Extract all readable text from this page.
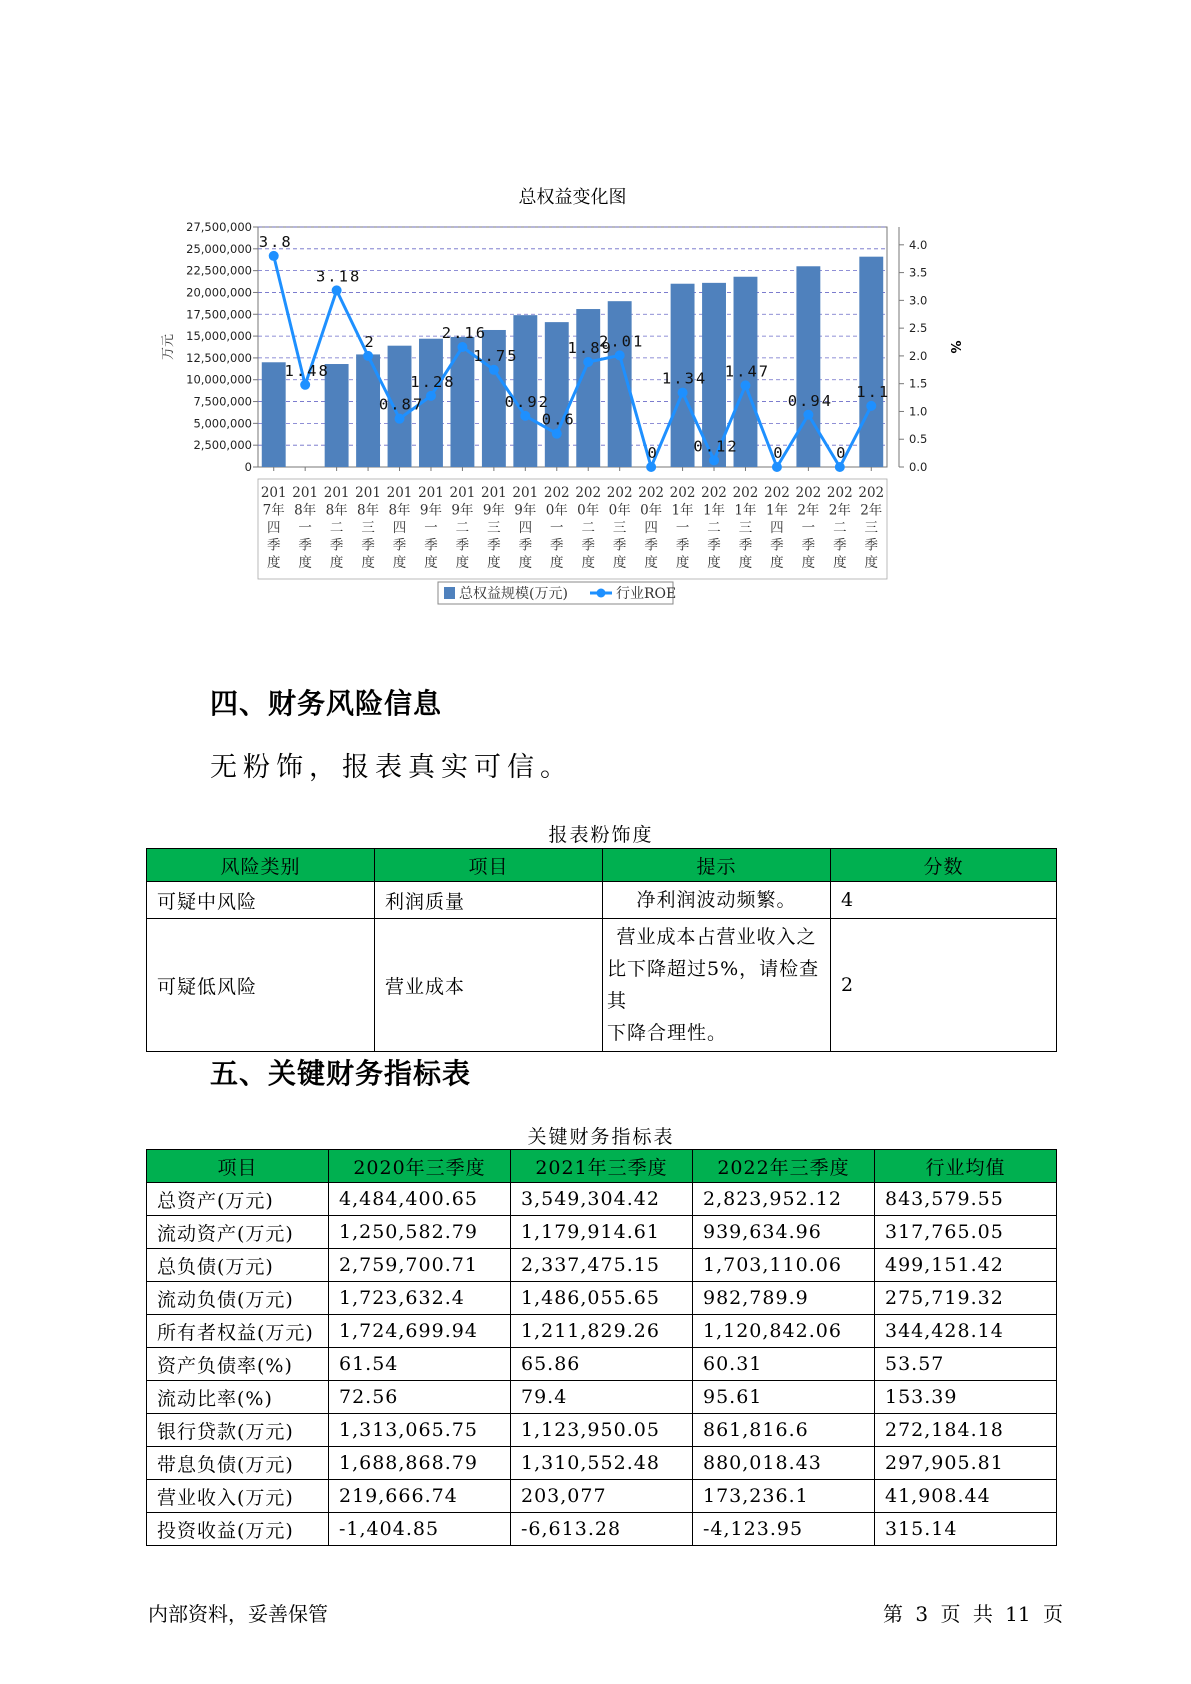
总权益变化图
0
2,500,000
5,000,000
7,500,000
10,000,000
12,500,000
15,000,000
17,500,000
20,000,000
22,500,000
25,000,000
27,500,000
万元
0.0
0.5
1.0
1.5
2.0
2.5
3.0
3.5
4.0
%
201
7年
四
季
度
201
8年
一
季
度
201
8年
二
季
度
201
8年
三
季
度
201
8年
四
季
度
201
9年
一
季
度
201
9年
二
季
度
201
9年
三
季
度
201
9年
四
季
度
202
0年
一
季
度
202
0年
二
季
度
202
0年
三
季
度
202
0年
四
季
度
202
1年
一
季
度
202
1年
二
季
度
202
1年
三
季
度
202
1年
四
季
度
202
2年
一
季
度
202
2年
二
季
度
202
2年
三
季
度
3.8
1.48
3.18
2
0.87
1.28
2.16
1.75
0.92
0.6
1.89
2.01
0
1.34
0.12
1.47
0
0.94
0
1.1
总权益规模(万元)	行业ROE
四、财务风险信息
无粉饰，报表真实可信。
报表粉饰度
风险类别	项目	提示	分数
可疑中风险	利润质量	净利润波动频繁。	4
可疑低风险	营业成本	营业成本占营业收入之
比下降超过5%，请检查其
下降合理性。	2
五、关键财务指标表
关键财务指标表
项目	2020年三季度	2021年三季度	2022年三季度	行业均值
总资产(万元)	4,484,400.65	3,549,304.42	2,823,952.12	843,579.55
流动资产(万元)	1,250,582.79	1,179,914.61	939,634.96	317,765.05
总负债(万元)	2,759,700.71	2,337,475.15	1,703,110.06	499,151.42
流动负债(万元)	1,723,632.4	1,486,055.65	982,789.9	275,719.32
所有者权益(万元)	1,724,699.94	1,211,829.26	1,120,842.06	344,428.14
资产负债率(%)	61.54	65.86	60.31	53.57
流动比率(%)	72.56	79.4	95.61	153.39
银行贷款(万元)	1,313,065.75	1,123,950.05	861,816.6	272,184.18
带息负债(万元)	1,688,868.79	1,310,552.48	880,018.43	297,905.81
营业收入(万元)	219,666.74	203,077	173,236.1	41,908.44
投资收益(万元)	-1,404.85	-6,613.28	-4,123.95	315.14
内部资料，妥善保管	第 3 页 共 11 页
